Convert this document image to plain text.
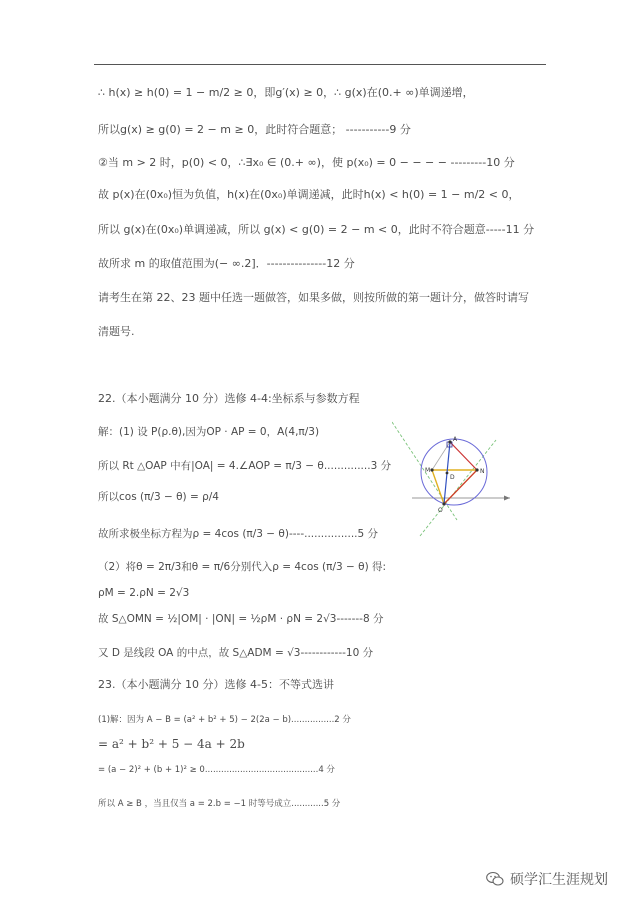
∴ h(x) ≥ h(0) = 1 − m/2 ≥ 0，即g′(x) ≥ 0，∴ g(x)在(0.+ ∞)单调递增，
所以g(x) ≥ g(0) = 2 − m ≥ 0，此时符合题意； -----------9 分
②当 m > 2 时，p(0) < 0，∴∃x₀ ∈ (0.+ ∞)，使 p(x₀) = 0 − − − − ---------10 分
故 p(x)在(0x₀)恒为负值，h(x)在(0x₀)单调递减，此时h(x) < h(0) = 1 − m/2 < 0，
所以 g(x)在(0x₀)单调递减，所以 g(x) < g(0) = 2 − m < 0，此时不符合题意-----11 分
故所求 m 的取值范围为(− ∞.2]．---------------12 分
请考生在第 22、23 题中任选一题做答，如果多做，则按所做的第一题计分，做答时请写
清题号.
22.（本小题满分 10 分）选修 4-4:坐标系与参数方程
解：(1) 设 P(ρ.θ),因为OP · AP = 0，A(4,π/3)
所以 Rt △OAP 中有|OA| = 4.∠AOP = π/3 − θ..............3 分
所以cos (π/3 − θ) = ρ/4
故所求极坐标方程为ρ = 4cos (π/3 − θ)----................5 分
（2）将θ = 2π/3和θ = π/6分别代入ρ = 4cos (π/3 − θ) 得:
ρM = 2.ρN = 2√3
故 S△OMN = ½|OM| · |ON| = ½ρM · ρN = 2√3-------8 分
又 D 是线段 OA 的中点，故 S△ADM = √3------------10 分
23.（本小题满分 10 分）选修 4-5：不等式选讲
(1)解：因为 A − B = (a² + b² + 5) − 2(2a − b)................2 分
= a² + b² + 5 − 4a + 2b
= (a − 2)² + (b + 1)² ≥ 0..........................................4 分
所以 A ≥ B ，当且仅当 a = 2.b = −1 时等号成立............5 分
A
O
M	N
D
硕学汇生涯规划
